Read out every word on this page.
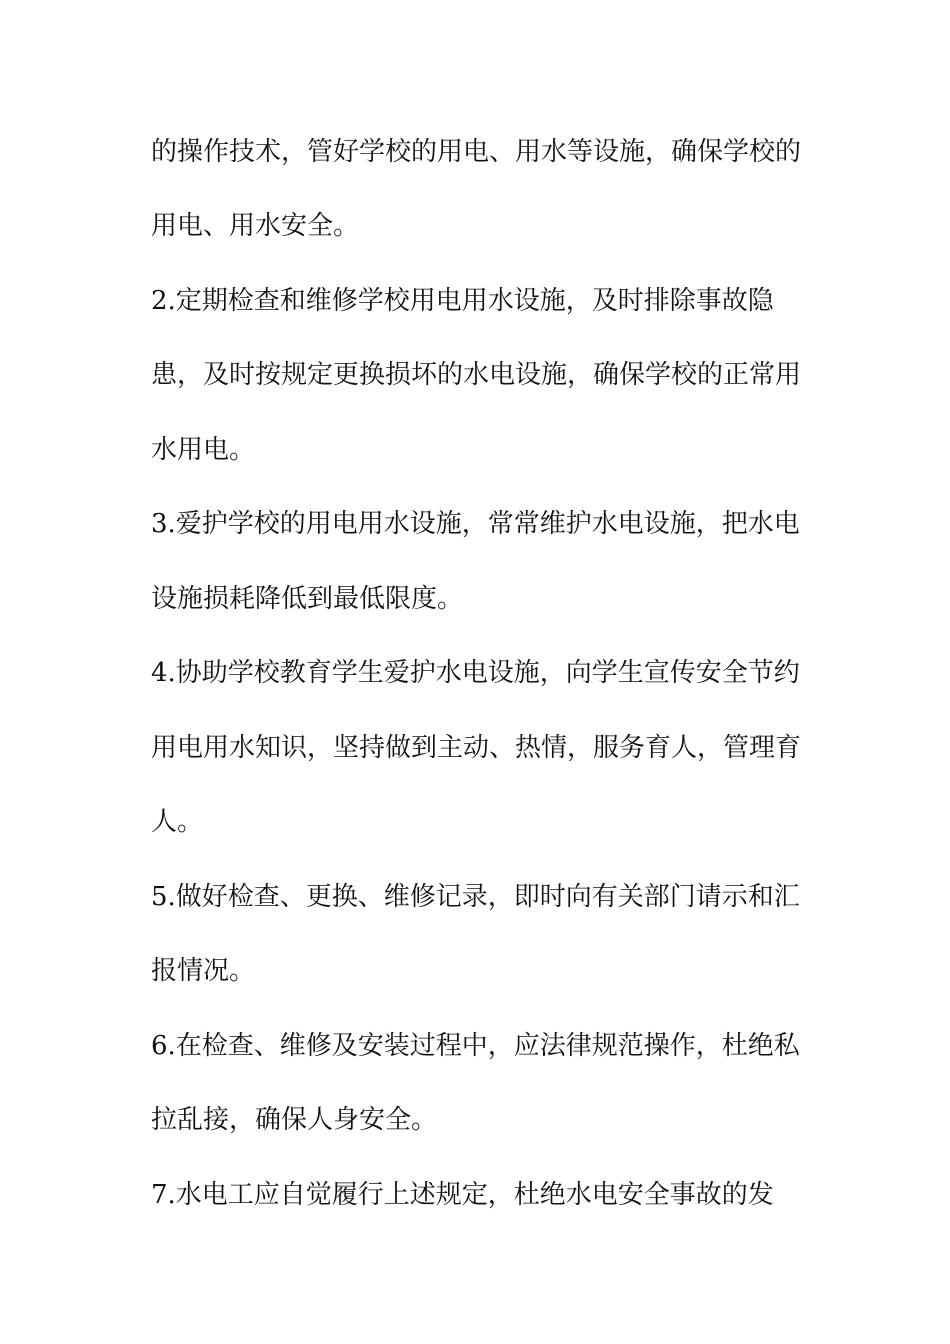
的操作技术，管好学校的用电、用水等设施，确保学校的
用电、用水安全。
2.定期检查和维修学校用电用水设施，及时排除事故隐
患，及时按规定更换损坏的水电设施，确保学校的正常用
水用电。
3.爱护学校的用电用水设施，常常维护水电设施，把水电
设施损耗降低到最低限度。
4.协助学校教育学生爱护水电设施，向学生宣传安全节约
用电用水知识，坚持做到主动、热情，服务育人，管理育
人。
5.做好检查、更换、维修记录，即时向有关部门请示和汇
报情况。
6.在检查、维修及安装过程中，应法律规范操作，杜绝私
拉乱接，确保人身安全。
7.水电工应自觉履行上述规定，杜绝水电安全事故的发
